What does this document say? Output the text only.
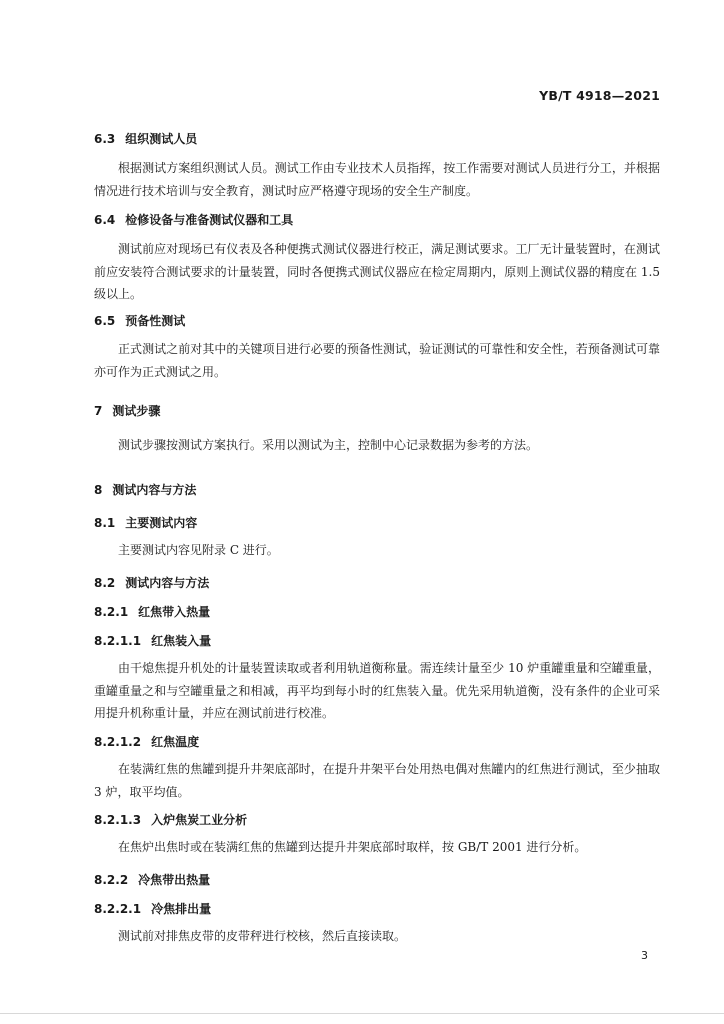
YB/T 4918—2021
6.3 组织测试人员
根据测试方案组织测试人员。测试工作由专业技术人员指挥，按工作需要对测试人员进行分工，并根据情况进行技术培训与安全教育，测试时应严格遵守现场的安全生产制度。
6.4 检修设备与准备测试仪器和工具
测试前应对现场已有仪表及各种便携式测试仪器进行校正，满足测试要求。工厂无计量装置时，在测试前应安装符合测试要求的计量装置，同时各便携式测试仪器应在检定周期内，原则上测试仪器的精度在 1.5 级以上。
6.5 预备性测试
正式测试之前对其中的关键项目进行必要的预备性测试，验证测试的可靠性和安全性，若预备测试可靠亦可作为正式测试之用。
7 测试步骤
测试步骤按测试方案执行。采用以测试为主，控制中心记录数据为参考的方法。
8 测试内容与方法
8.1 主要测试内容
主要测试内容见附录 C 进行。
8.2 测试内容与方法
8.2.1 红焦带入热量
8.2.1.1 红焦装入量
由干熄焦提升机处的计量装置读取或者利用轨道衡称量。需连续计量至少 10 炉重罐重量和空罐重量，重罐重量之和与空罐重量之和相减，再平均到每小时的红焦装入量。优先采用轨道衡，没有条件的企业可采用提升机称重计量，并应在测试前进行校准。
8.2.1.2 红焦温度
在装满红焦的焦罐到提升井架底部时，在提升井架平台处用热电偶对焦罐内的红焦进行测试，至少抽取 3 炉，取平均值。
8.2.1.3 入炉焦炭工业分析
在焦炉出焦时或在装满红焦的焦罐到达提升井架底部时取样，按 GB/T 2001 进行分析。
8.2.2 冷焦带出热量
8.2.2.1 冷焦排出量
测试前对排焦皮带的皮带秤进行校核，然后直接读取。
3
